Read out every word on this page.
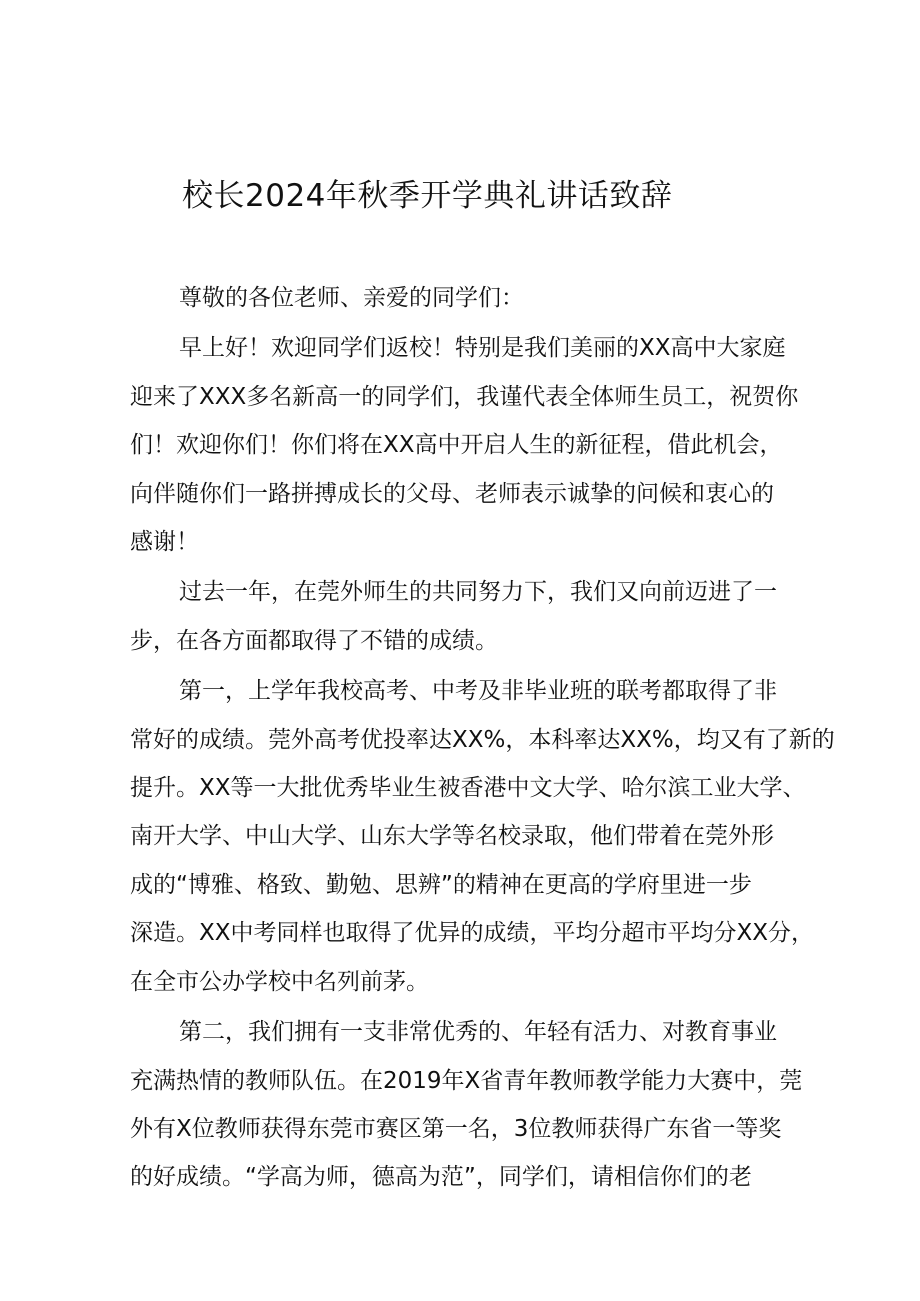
校长2024年秋季开学典礼讲话致辞

尊敬的各位老师、亲爱的同学们：

早上好！欢迎同学们返校！特别是我们美丽的XX高中大家庭
迎来了XXX多名新高一的同学们，我谨代表全体师生员工，祝贺你
们！欢迎你们！你们将在XX高中开启人生的新征程，借此机会，
向伴随你们一路拼搏成长的父母、老师表示诚挚的问候和衷心的
感谢！

过去一年，在莞外师生的共同努力下，我们又向前迈进了一
步，在各方面都取得了不错的成绩。

第一，上学年我校高考、中考及非毕业班的联考都取得了非
常好的成绩。莞外高考优投率达XX%，本科率达XX%，均又有了新的
提升。XX等一大批优秀毕业生被香港中文大学、哈尔滨工业大学、
南开大学、中山大学、山东大学等名校录取，他们带着在莞外形
成的“博雅、格致、勤勉、思辨”的精神在更高的学府里进一步
深造。XX中考同样也取得了优异的成绩，平均分超市平均分XX分，
在全市公办学校中名列前茅。

第二，我们拥有一支非常优秀的、年轻有活力、对教育事业
充满热情的教师队伍。在2019年X省青年教师教学能力大赛中，莞
外有X位教师获得东莞市赛区第一名，3位教师获得广东省一等奖
的好成绩。“学高为师，德高为范”，同学们，请相信你们的老
